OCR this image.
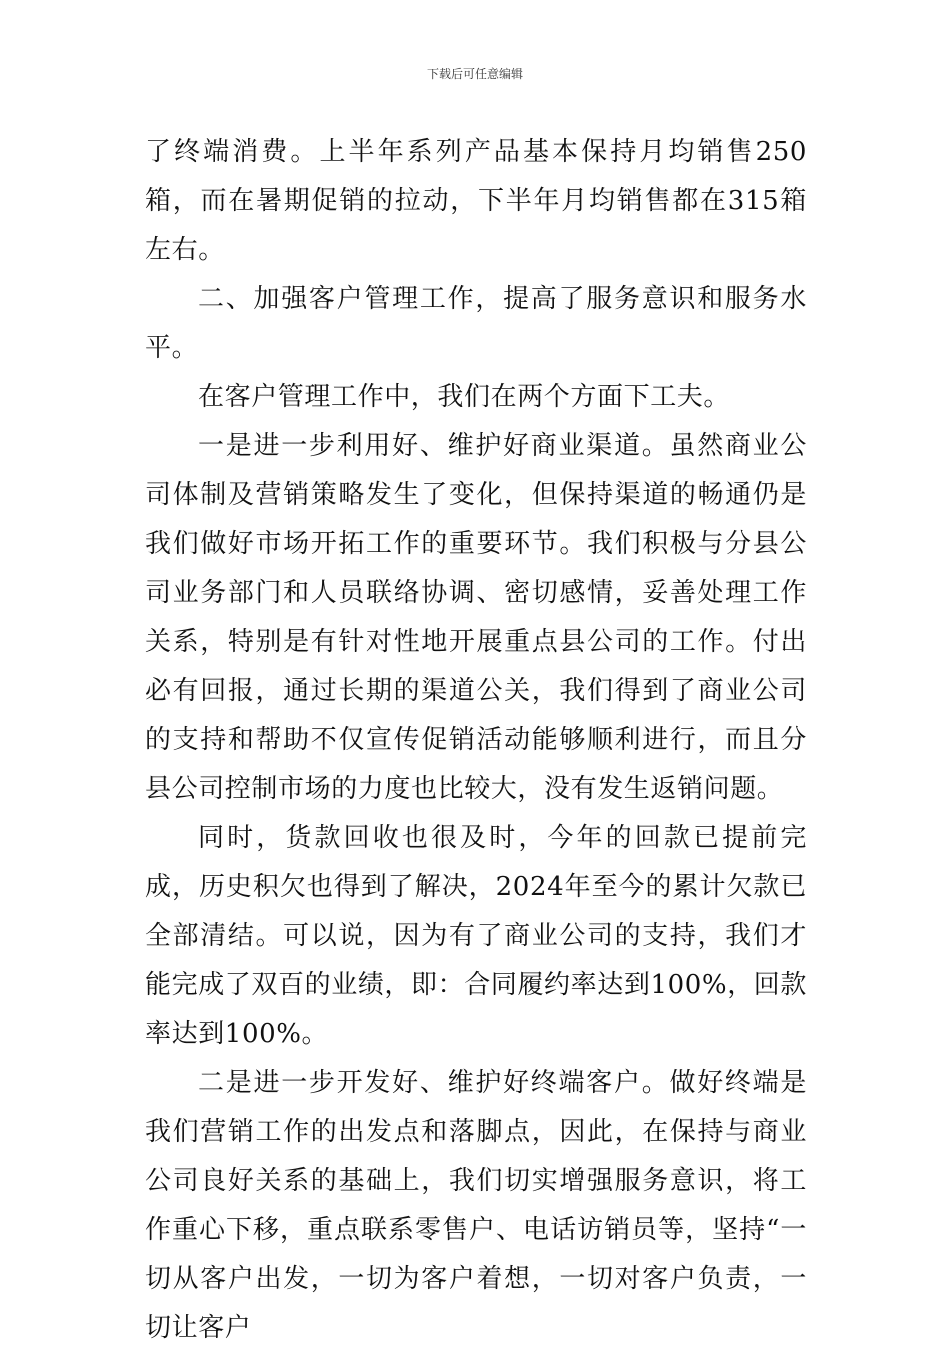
下载后可任意编辑

了终端消费。上半年系列产品基本保持月均销售250箱，而在暑期促销的拉动，下半年月均销售都在315箱左右。

二、加强客户管理工作，提高了服务意识和服务水平。

在客户管理工作中，我们在两个方面下工夫。

一是进一步利用好、维护好商业渠道。虽然商业公司体制及营销策略发生了变化，但保持渠道的畅通仍是我们做好市场开拓工作的重要环节。我们积极与分县公司业务部门和人员联络协调、密切感情，妥善处理工作关系，特别是有针对性地开展重点县公司的工作。付出必有回报，通过长期的渠道公关，我们得到了商业公司的支持和帮助不仅宣传促销活动能够顺利进行，而且分县公司控制市场的力度也比较大，没有发生返销问题。

同时，货款回收也很及时，今年的回款已提前完成，历史积欠也得到了解决，2024年至今的累计欠款已全部清结。可以说，因为有了商业公司的支持，我们才能完成了双百的业绩，即：合同履约率达到100%，回款率达到100%。

二是进一步开发好、维护好终端客户。做好终端是我们营销工作的出发点和落脚点，因此，在保持与商业公司良好关系的基础上，我们切实增强服务意识，将工作重心下移，重点联系零售户、电话访销员等，坚持“一切从客户出发，一切为客户着想，一切对客户负责，一切让客户
